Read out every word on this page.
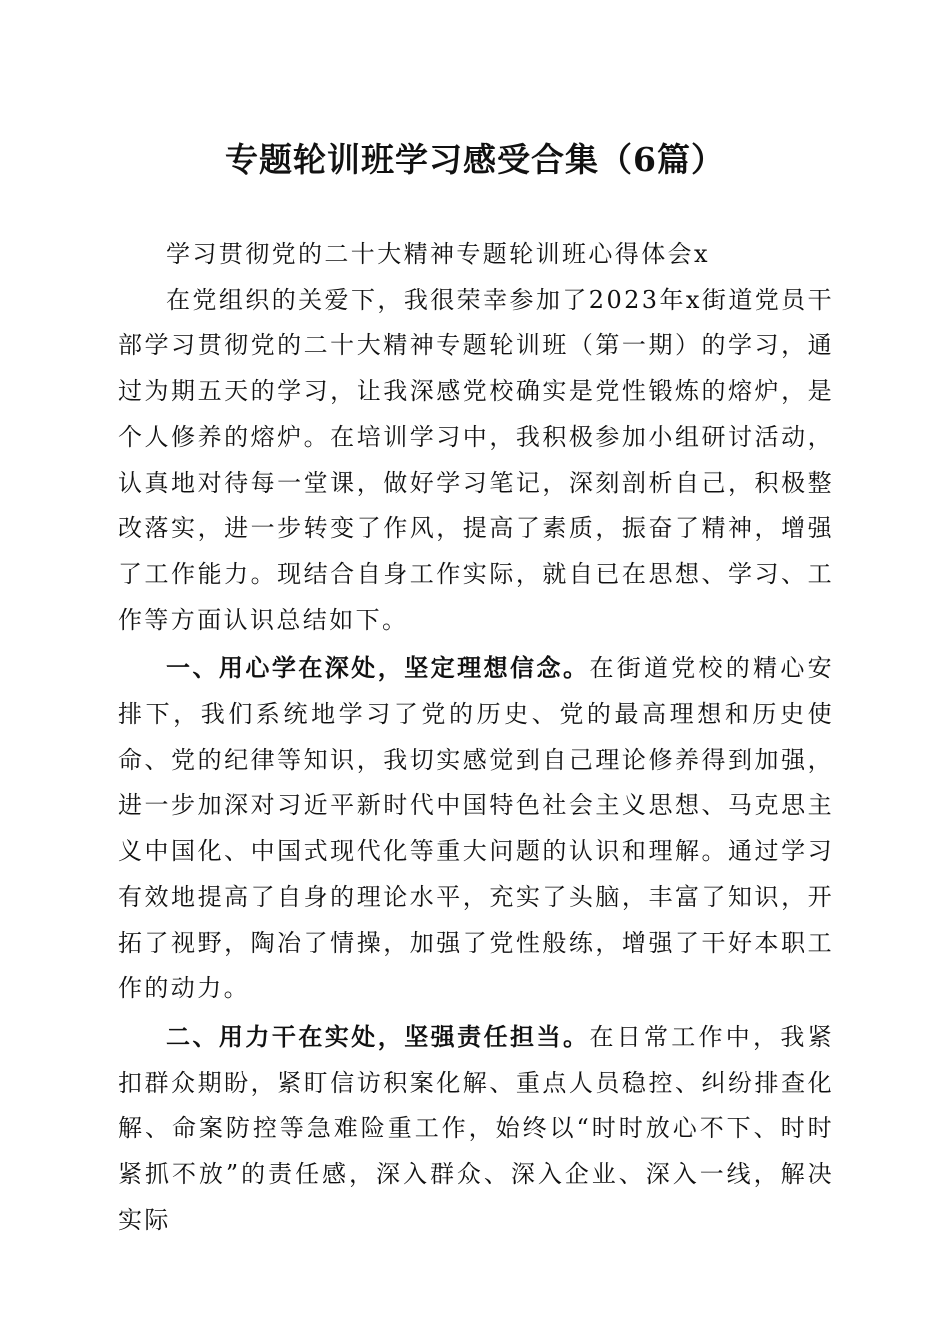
专题轮训班学习感受合集（6篇）

学习贯彻党的二十大精神专题轮训班心得体会x

在党组织的关爱下，我很荣幸参加了2023年x街道党员干部学习贯彻党的二十大精神专题轮训班（第一期）的学习，通过为期五天的学习，让我深感党校确实是党性锻炼的熔炉，是个人修养的熔炉。在培训学习中，我积极参加小组研讨活动，认真地对待每一堂课，做好学习笔记，深刻剖析自己，积极整改落实，进一步转变了作风，提高了素质，振奋了精神，增强了工作能力。现结合自身工作实际，就自已在思想、学习、工作等方面认识总结如下。

一、用心学在深处，坚定理想信念。在街道党校的精心安排下，我们系统地学习了党的历史、党的最高理想和历史使命、党的纪律等知识，我切实感觉到自己理论修养得到加强，进一步加深对习近平新时代中国特色社会主义思想、马克思主义中国化、中国式现代化等重大问题的认识和理解。通过学习有效地提高了自身的理论水平，充实了头脑，丰富了知识，开拓了视野，陶冶了情操，加强了党性般练，增强了干好本职工作的动力。

二、用力干在实处，坚强责任担当。在日常工作中，我紧扣群众期盼，紧盯信访积案化解、重点人员稳控、纠纷排查化解、命案防控等急难险重工作，始终以“时时放心不下、时时紧抓不放”的责任感，深入群众、深入企业、深入一线，解决实际
